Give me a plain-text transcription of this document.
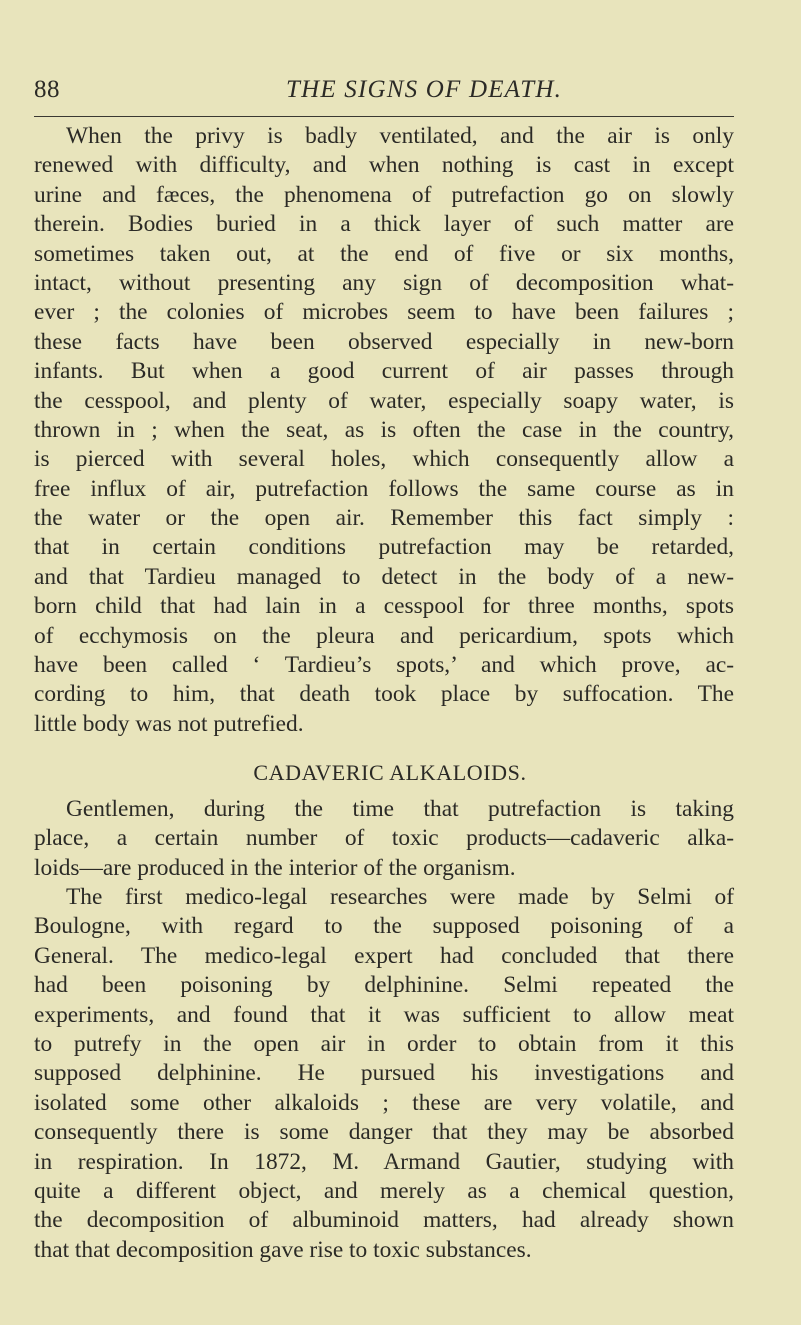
88	THE SIGNS OF DEATH.
When the privy is badly ventilated, and the air is only
renewed with difficulty, and when nothing is cast in except
urine and fæces, the phenomena of putrefaction go on slowly
therein. Bodies buried in a thick layer of such matter are
sometimes taken out, at the end of five or six months,
intact, without presenting any sign of decomposition what-
ever ; the colonies of microbes seem to have been failures ;
these facts have been observed especially in new-born
infants. But when a good current of air passes through
the cesspool, and plenty of water, especially soapy water, is
thrown in ; when the seat, as is often the case in the country,
is pierced with several holes, which consequently allow a
free influx of air, putrefaction follows the same course as in
the water or the open air. Remember this fact simply :
that in certain conditions putrefaction may be retarded,
and that Tardieu managed to detect in the body of a new-
born child that had lain in a cesspool for three months, spots
of ecchymosis on the pleura and pericardium, spots which
have been called ‘ Tardieu’s spots,’ and which prove, ac-
cording to him, that death took place by suffocation. The
little body was not putrefied.
CADAVERIC ALKALOIDS.
Gentlemen, during the time that putrefaction is taking
place, a certain number of toxic products—cadaveric alka-
loids—are produced in the interior of the organism.
The first medico-legal researches were made by Selmi of
Boulogne, with regard to the supposed poisoning of a
General. The medico-legal expert had concluded that there
had been poisoning by delphinine. Selmi repeated the
experiments, and found that it was sufficient to allow meat
to putrefy in the open air in order to obtain from it this
supposed delphinine. He pursued his investigations and
isolated some other alkaloids ; these are very volatile, and
consequently there is some danger that they may be absorbed
in respiration. In 1872, M. Armand Gautier, studying with
quite a different object, and merely as a chemical question,
the decomposition of albuminoid matters, had already shown
that that decomposition gave rise to toxic substances.
